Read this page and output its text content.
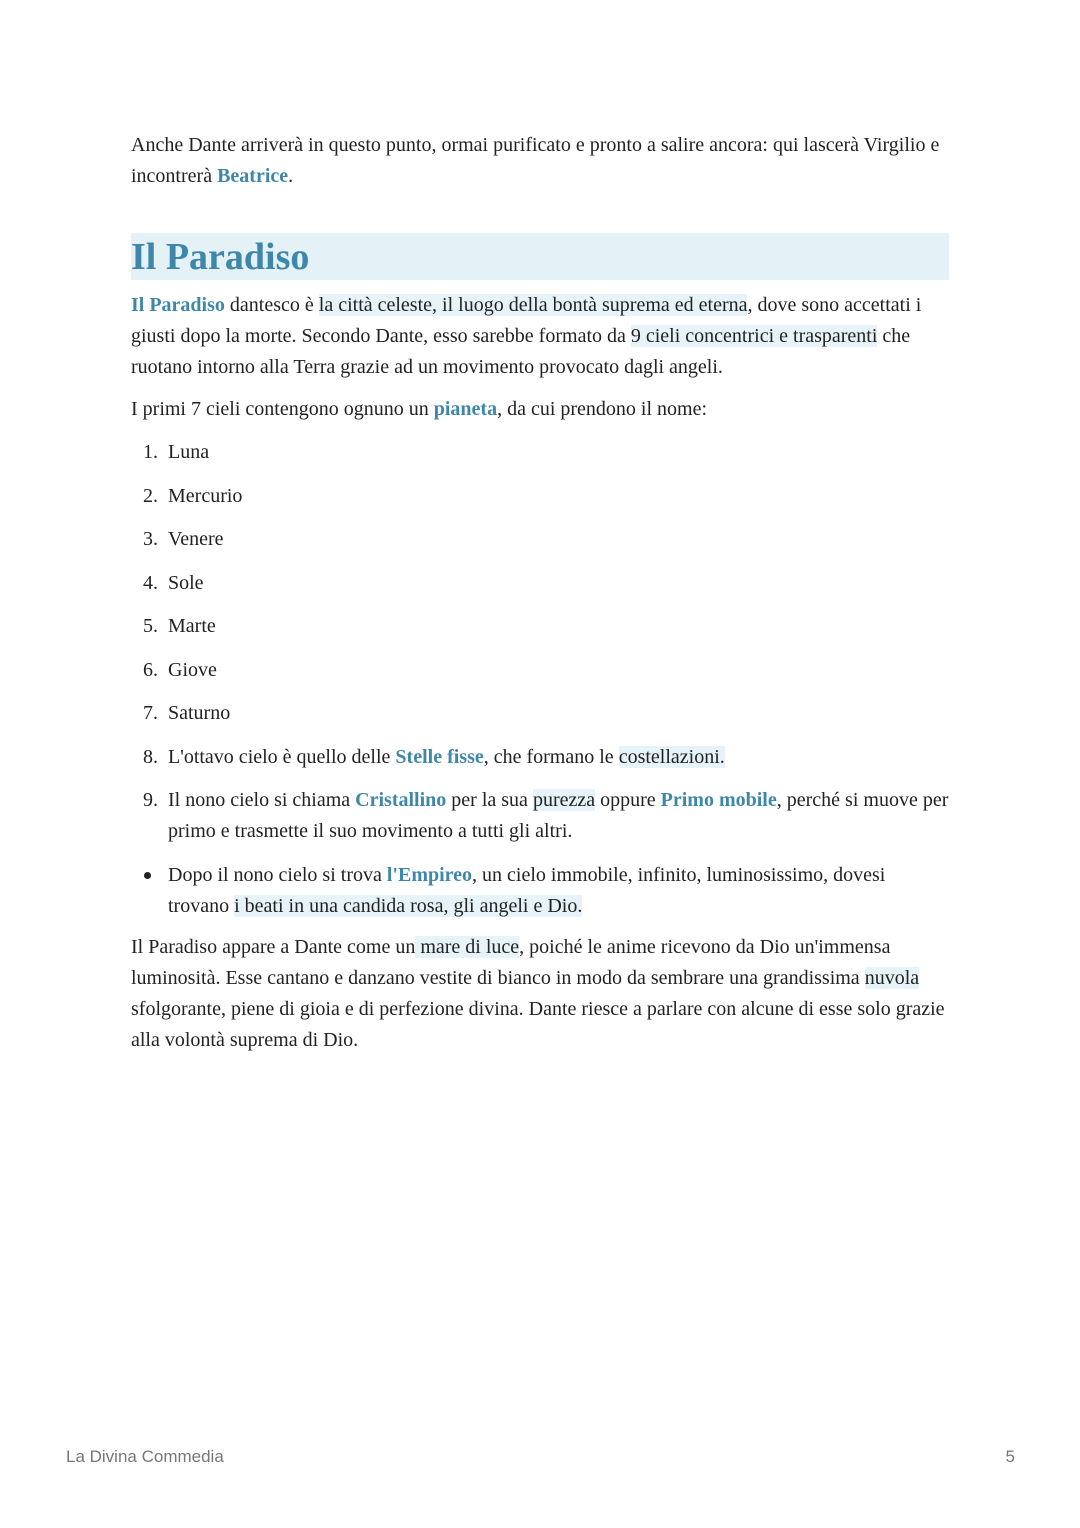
Anche Dante arriverà in questo punto, ormai purificato e pronto a salire ancora: qui lascerà Virgilio e incontrerà Beatrice.

Il Paradiso

Il Paradiso dantesco è la città celeste, il luogo della bontà suprema ed eterna, dove sono accettati i giusti dopo la morte. Secondo Dante, esso sarebbe formato da 9 cieli concentrici e trasparenti che ruotano intorno alla Terra grazie ad un movimento provocato dagli angeli.

I primi 7 cieli contengono ognuno un pianeta, da cui prendono il nome:

1. Luna
2. Mercurio
3. Venere
4. Sole
5. Marte
6. Giove
7. Saturno
8. L'ottavo cielo è quello delle Stelle fisse, che formano le costellazioni.
9. Il nono cielo si chiama Cristallino per la sua purezza oppure Primo mobile, perché si muove per primo e trasmette il suo movimento a tutti gli altri.
Dopo il nono cielo si trova l'Empireo, un cielo immobile, infinito, luminosissimo, dovesi trovano i beati in una candida rosa, gli angeli e Dio.

Il Paradiso appare a Dante come un mare di luce, poiché le anime ricevono da Dio un'immensa luminosità. Esse cantano e danzano vestite di bianco in modo da sembrare una grandissima nuvola sfolgorante, piene di gioia e di perfezione divina. Dante riesce a parlare con alcune di esse solo grazie alla volontà suprema di Dio.

La Divina Commedia	5
